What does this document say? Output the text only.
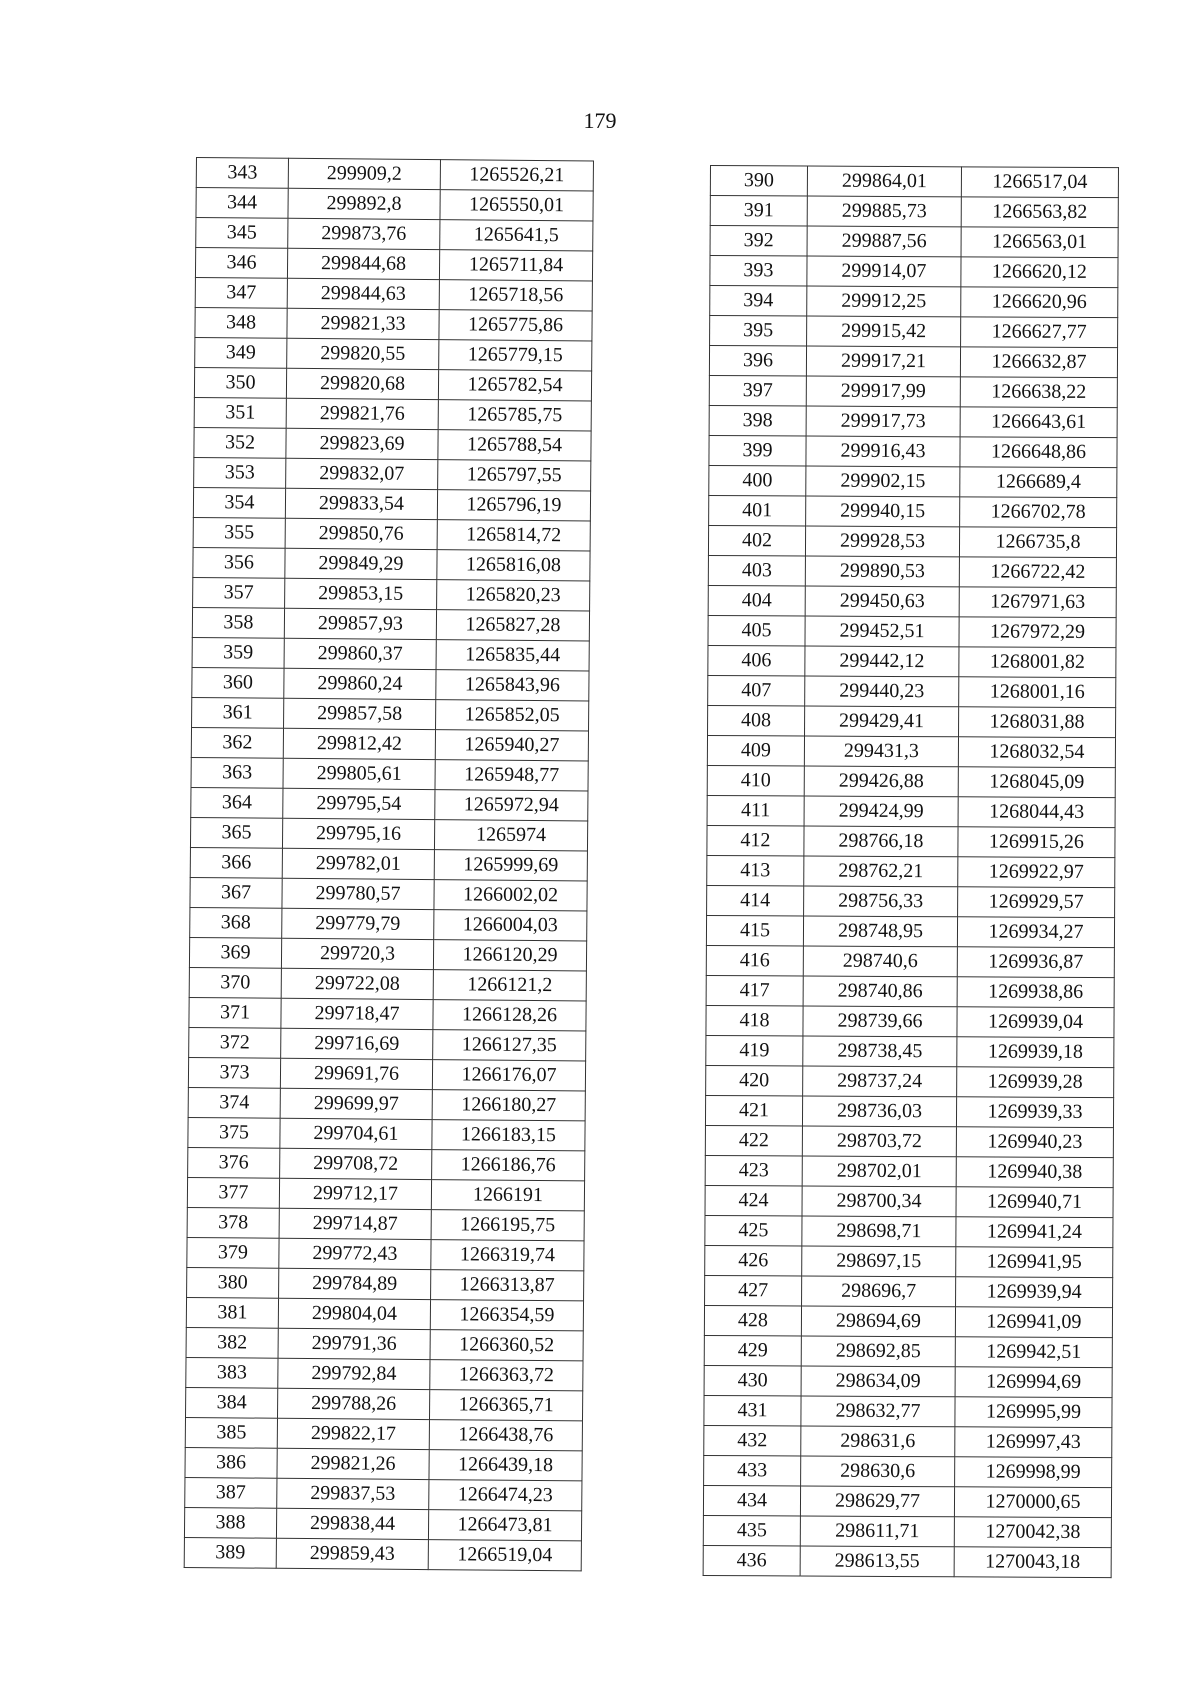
179
343	299909,2	1265526,21
344	299892,8	1265550,01
345	299873,76	1265641,5
346	299844,68	1265711,84
347	299844,63	1265718,56
348	299821,33	1265775,86
349	299820,55	1265779,15
350	299820,68	1265782,54
351	299821,76	1265785,75
352	299823,69	1265788,54
353	299832,07	1265797,55
354	299833,54	1265796,19
355	299850,76	1265814,72
356	299849,29	1265816,08
357	299853,15	1265820,23
358	299857,93	1265827,28
359	299860,37	1265835,44
360	299860,24	1265843,96
361	299857,58	1265852,05
362	299812,42	1265940,27
363	299805,61	1265948,77
364	299795,54	1265972,94
365	299795,16	1265974
366	299782,01	1265999,69
367	299780,57	1266002,02
368	299779,79	1266004,03
369	299720,3	1266120,29
370	299722,08	1266121,2
371	299718,47	1266128,26
372	299716,69	1266127,35
373	299691,76	1266176,07
374	299699,97	1266180,27
375	299704,61	1266183,15
376	299708,72	1266186,76
377	299712,17	1266191
378	299714,87	1266195,75
379	299772,43	1266319,74
380	299784,89	1266313,87
381	299804,04	1266354,59
382	299791,36	1266360,52
383	299792,84	1266363,72
384	299788,26	1266365,71
385	299822,17	1266438,76
386	299821,26	1266439,18
387	299837,53	1266474,23
388	299838,44	1266473,81
389	299859,43	1266519,04
390	299864,01	1266517,04
391	299885,73	1266563,82
392	299887,56	1266563,01
393	299914,07	1266620,12
394	299912,25	1266620,96
395	299915,42	1266627,77
396	299917,21	1266632,87
397	299917,99	1266638,22
398	299917,73	1266643,61
399	299916,43	1266648,86
400	299902,15	1266689,4
401	299940,15	1266702,78
402	299928,53	1266735,8
403	299890,53	1266722,42
404	299450,63	1267971,63
405	299452,51	1267972,29
406	299442,12	1268001,82
407	299440,23	1268001,16
408	299429,41	1268031,88
409	299431,3	1268032,54
410	299426,88	1268045,09
411	299424,99	1268044,43
412	298766,18	1269915,26
413	298762,21	1269922,97
414	298756,33	1269929,57
415	298748,95	1269934,27
416	298740,6	1269936,87
417	298740,86	1269938,86
418	298739,66	1269939,04
419	298738,45	1269939,18
420	298737,24	1269939,28
421	298736,03	1269939,33
422	298703,72	1269940,23
423	298702,01	1269940,38
424	298700,34	1269940,71
425	298698,71	1269941,24
426	298697,15	1269941,95
427	298696,7	1269939,94
428	298694,69	1269941,09
429	298692,85	1269942,51
430	298634,09	1269994,69
431	298632,77	1269995,99
432	298631,6	1269997,43
433	298630,6	1269998,99
434	298629,77	1270000,65
435	298611,71	1270042,38
436	298613,55	1270043,18
